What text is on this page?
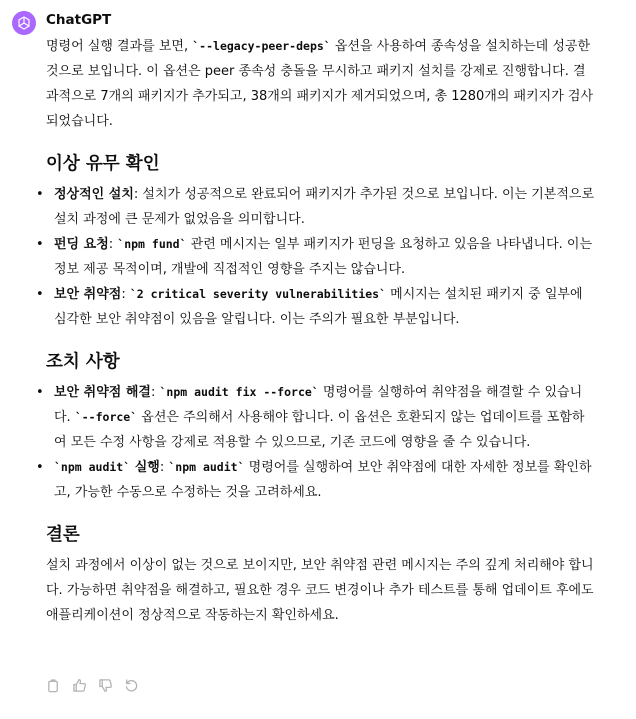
ChatGPT

명령어 실행 결과를 보면, `--legacy-peer-deps` 옵션을 사용하여 종속성을 설치하는데 성공한 것으로 보입니다. 이 옵션은 peer 종속성 충돌을 무시하고 패키지 설치를 강제로 진행합니다. 결과적으로 7개의 패키지가 추가되고, 38개의 패키지가 제거되었으며, 총 1280개의 패키지가 검사되었습니다.

이상 유무 확인
• 정상적인 설치: 설치가 성공적으로 완료되어 패키지가 추가된 것으로 보입니다. 이는 기본적으로 설치 과정에 큰 문제가 없었음을 의미합니다.
• 펀딩 요청: `npm fund` 관련 메시지는 일부 패키지가 펀딩을 요청하고 있음을 나타냅니다. 이는 정보 제공 목적이며, 개발에 직접적인 영향을 주지는 않습니다.
• 보안 취약점: `2 critical severity vulnerabilities` 메시지는 설치된 패키지 중 일부에 심각한 보안 취약점이 있음을 알립니다. 이는 주의가 필요한 부분입니다.
조치 사항
• 보안 취약점 해결: `npm audit fix --force` 명령어를 실행하여 취약점을 해결할 수 있습니다. `--force` 옵션은 주의해서 사용해야 합니다. 이 옵션은 호환되지 않는 업데이트를 포함하여 모든 수정 사항을 강제로 적용할 수 있으므로, 기존 코드에 영향을 줄 수 있습니다.
• `npm audit` 실행: `npm audit` 명령어를 실행하여 보안 취약점에 대한 자세한 정보를 확인하고, 가능한 수동으로 수정하는 것을 고려하세요.
결론

설치 과정에서 이상이 없는 것으로 보이지만, 보안 취약점 관련 메시지는 주의 깊게 처리해야 합니다. 가능하면 취약점을 해결하고, 필요한 경우 코드 변경이나 추가 테스트를 통해 업데이트 후에도 애플리케이션이 정상적으로 작동하는지 확인하세요.
